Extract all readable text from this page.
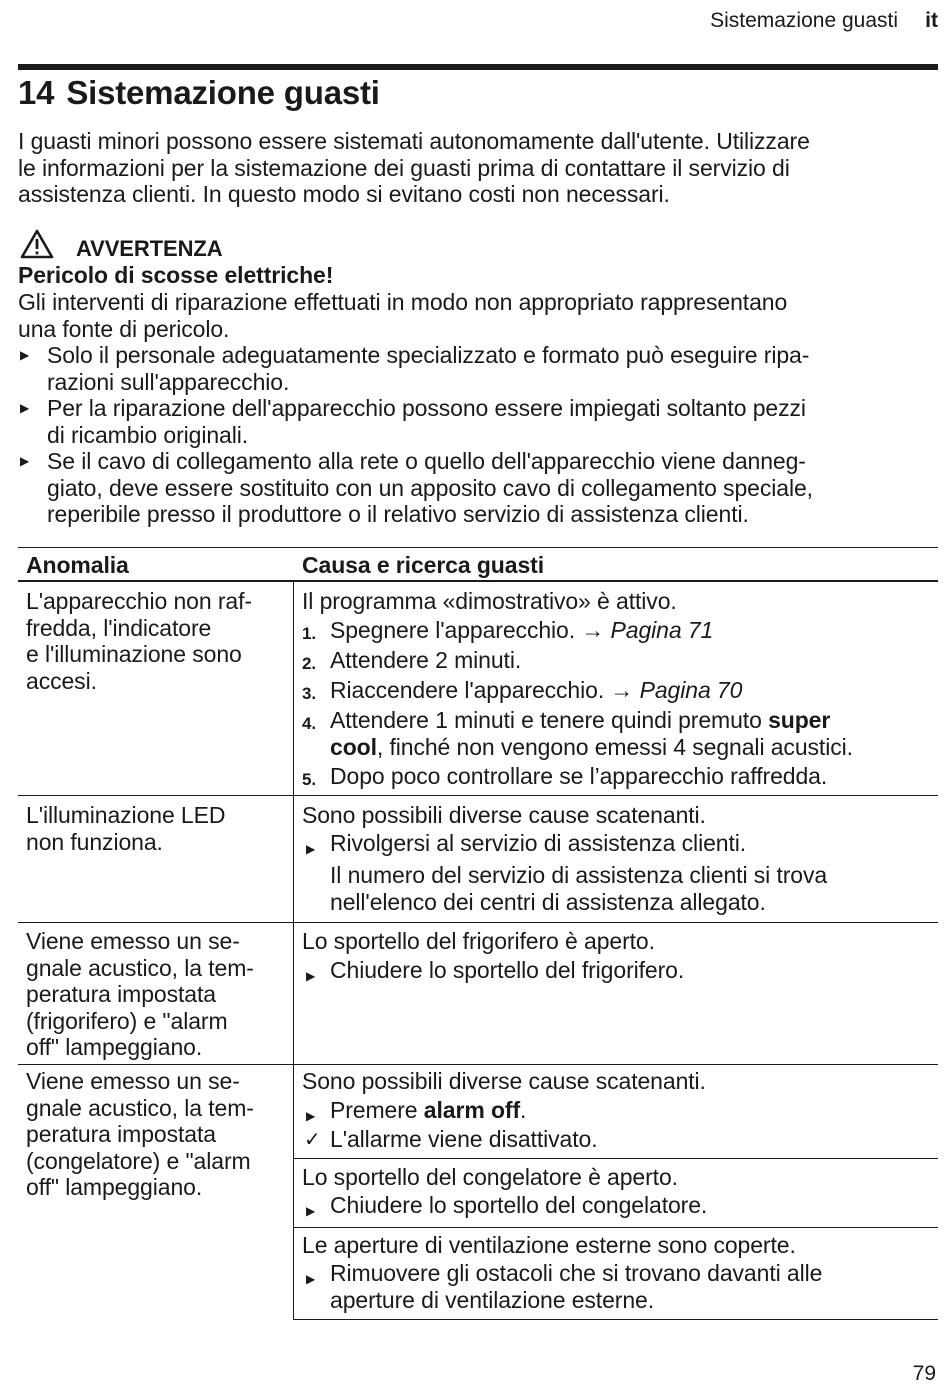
Sistemazione guasti it
14 Sistemazione guasti
I guasti minori possono essere sistemati autonomamente dall'utente. Utilizzare
le informazioni per la sistemazione dei guasti prima di contattare il servizio di
assistenza clienti. In questo modo si evitano costi non necessari.
AVVERTENZA
Pericolo di scosse elettriche!
Gli interventi di riparazione effettuati in modo non appropriato rappresentano
una fonte di pericolo.
▶ Solo il personale adeguatamente specializzato e formato può eseguire ripa-
razioni sull'apparecchio.
▶ Per la riparazione dell'apparecchio possono essere impiegati soltanto pezzi
di ricambio originali.
▶ Se il cavo di collegamento alla rete o quello dell'apparecchio viene danneg-
giato, deve essere sostituito con un apposito cavo di collegamento speciale,
reperibile presso il produttore o il relativo servizio di assistenza clienti.
Anomalia	Causa e ricerca guasti
L'apparecchio non raf-
fredda, l'indicatore
e l'illuminazione sono
accesi.
Il programma «dimostrativo» è attivo.
1. Spegnere l'apparecchio. → Pagina 71
2. Attendere 2 minuti.
3. Riaccendere l'apparecchio. → Pagina 70
4. Attendere 1 minuti e tenere quindi premuto super
cool, finché non vengono emessi 4 segnali acustici.
5. Dopo poco controllare se l’apparecchio raffredda.
L'illuminazione LED
non funziona.
Sono possibili diverse cause scatenanti.
▶ Rivolgersi al servizio di assistenza clienti.
Il numero del servizio di assistenza clienti si trova
nell'elenco dei centri di assistenza allegato.
Viene emesso un se-
gnale acustico, la tem-
peratura impostata
(frigorifero) e "alarm
off" lampeggiano.
Lo sportello del frigorifero è aperto.
▶ Chiudere lo sportello del frigorifero.
Viene emesso un se-
gnale acustico, la tem-
peratura impostata
(congelatore) e "alarm
off" lampeggiano.
Sono possibili diverse cause scatenanti.
▶ Premere alarm off.
✓ L'allarme viene disattivato.
Lo sportello del congelatore è aperto.
▶ Chiudere lo sportello del congelatore.
Le aperture di ventilazione esterne sono coperte.
▶ Rimuovere gli ostacoli che si trovano davanti alle
aperture di ventilazione esterne.
79
